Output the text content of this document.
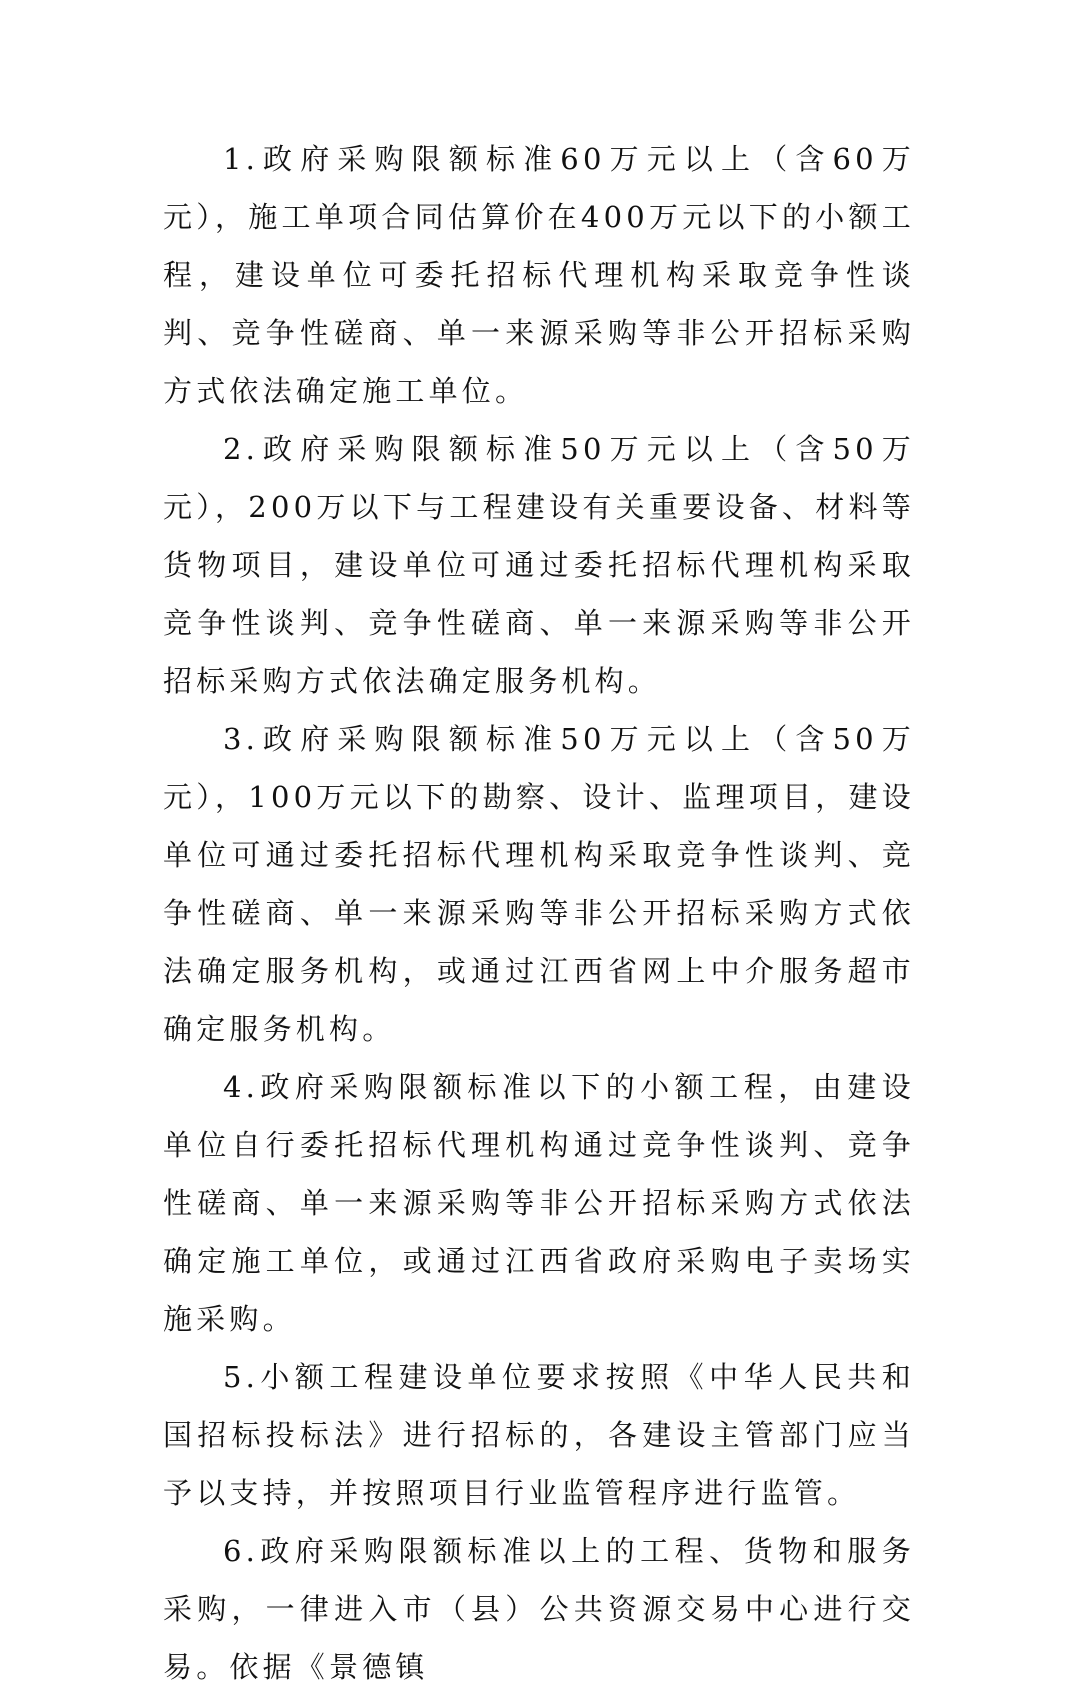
1.政府采购限额标准60万元以上（含60万元），施工单项合同估算价在400万元以下的小额工程，建设单位可委托招标代理机构采取竞争性谈判、竞争性磋商、单一来源采购等非公开招标采购方式依法确定施工单位。

2.政府采购限额标准50万元以上（含50万元），200万以下与工程建设有关重要设备、材料等货物项目，建设单位可通过委托招标代理机构采取竞争性谈判、竞争性磋商、单一来源采购等非公开招标采购方式依法确定服务机构。

3.政府采购限额标准50万元以上（含50万元），100万元以下的勘察、设计、监理项目，建设单位可通过委托招标代理机构采取竞争性谈判、竞争性磋商、单一来源采购等非公开招标采购方式依法确定服务机构，或通过江西省网上中介服务超市确定服务机构。

4.政府采购限额标准以下的小额工程，由建设单位自行委托招标代理机构通过竞争性谈判、竞争性磋商、单一来源采购等非公开招标采购方式依法确定施工单位，或通过江西省政府采购电子卖场实施采购。

5.小额工程建设单位要求按照《中华人民共和国招标投标法》进行招标的，各建设主管部门应当予以支持，并按照项目行业监管程序进行监管。

6.政府采购限额标准以上的工程、货物和服务采购，一律进入市（县）公共资源交易中心进行交易。依据《景德镇
